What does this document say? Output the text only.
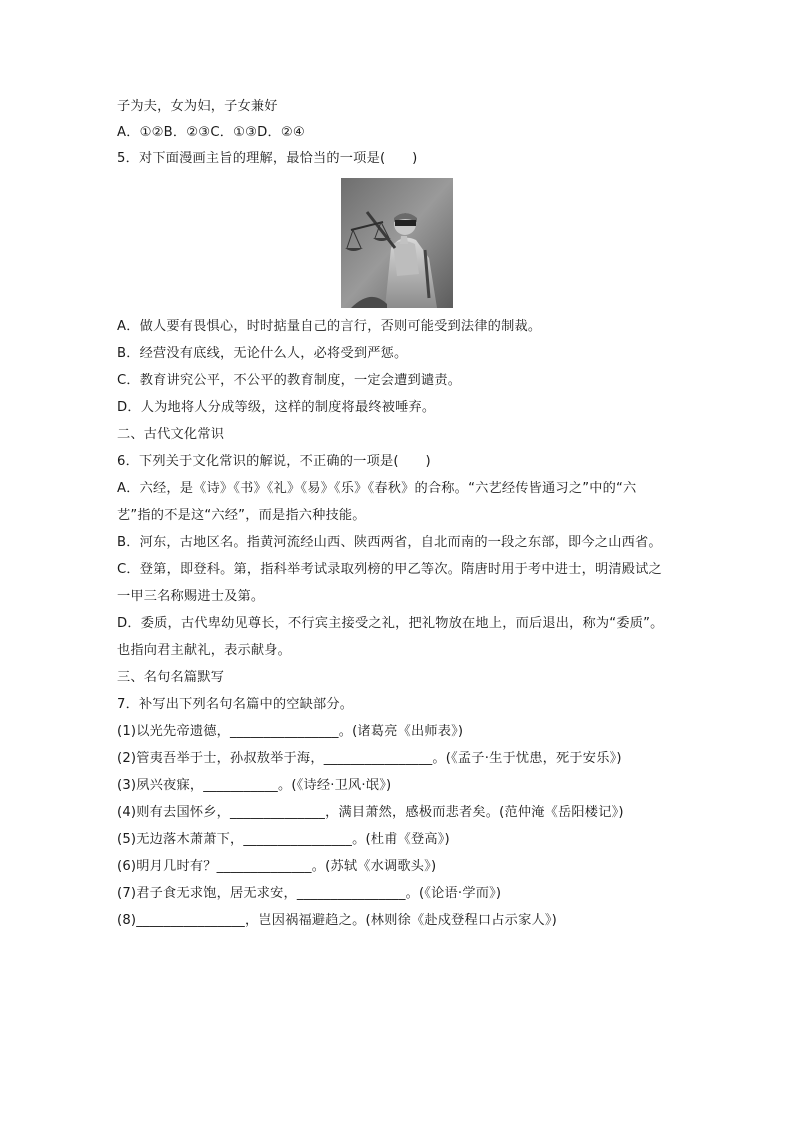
子为夫，女为妇，子女兼好
A．①②B．②③C．①③D．②④
5．对下面漫画主旨的理解，最恰当的一项是(　　)
A．做人要有畏惧心，时时掂量自己的言行，否则可能受到法律的制裁。
B．经营没有底线，无论什么人，必将受到严惩。
C．教育讲究公平，不公平的教育制度，一定会遭到谴责。
D．人为地将人分成等级，这样的制度将最终被唾弃。
二、古代文化常识
6．下列关于文化常识的解说，不正确的一项是(　　)
A．六经，是《诗》《书》《礼》《易》《乐》《春秋》的合称。“六艺经传皆通习之”中的“六
艺”指的不是这“六经”，而是指六种技能。
B．河东，古地区名。指黄河流经山西、陕西两省，自北而南的一段之东部，即今之山西省。
C．登第，即登科。第，指科举考试录取列榜的甲乙等次。隋唐时用于考中进士，明清殿试之
一甲三名称赐进士及第。
D．委质，古代卑幼见尊长，不行宾主接受之礼，把礼物放在地上，而后退出，称为“委质”。
也指向君主献礼，表示献身。
三、名句名篇默写
7．补写出下列名句名篇中的空缺部分。
(1)以光先帝遗德，________________。(诸葛亮《出师表》)
(2)管夷吾举于士，孙叔敖举于海，________________。(《孟子·生于忧患，死于安乐》)
(3)夙兴夜寐，___________。(《诗经·卫风·氓》)
(4)则有去国怀乡，______________，满目萧然，感极而悲者矣。(范仲淹《岳阳楼记》)
(5)无边落木萧萧下，________________。(杜甫《登高》)
(6)明月几时有？______________。(苏轼《水调歌头》)
(7)君子食无求饱，居无求安，________________。(《论语·学而》)
(8)________________，岂因祸福避趋之。(林则徐《赴戍登程口占示家人》)
